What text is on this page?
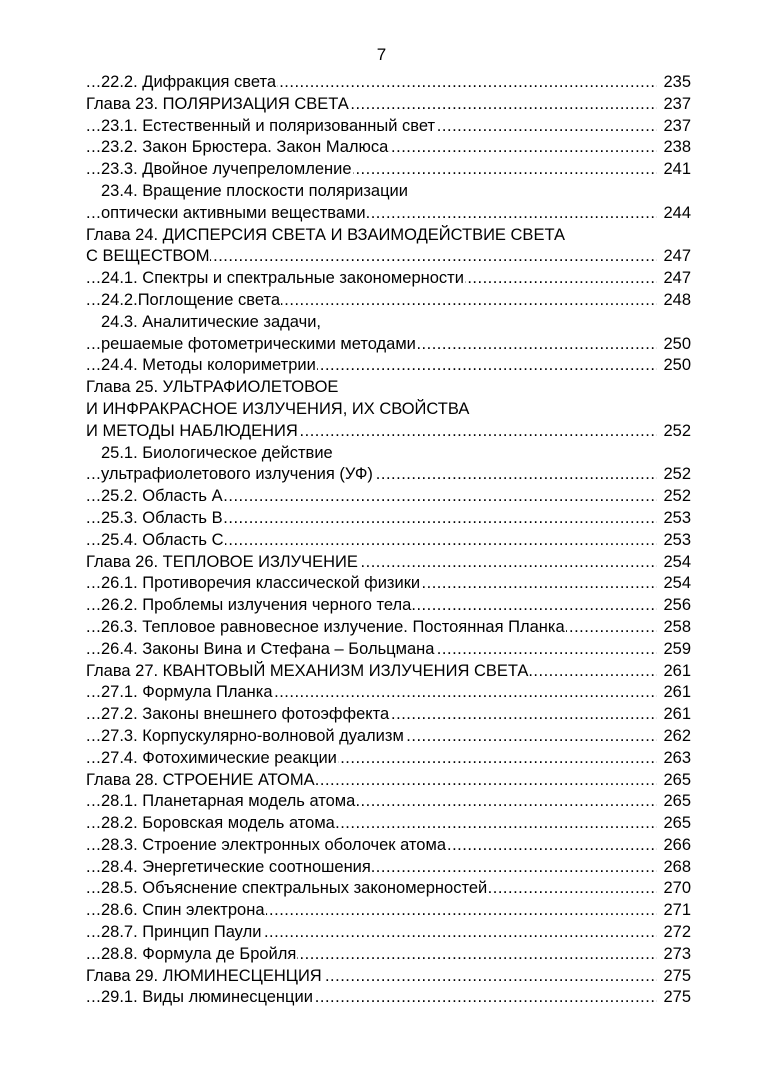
7
22.2. Дифракция света	235
.....
Глава 23. ПОЛЯРИЗАЦИЯ СВЕТА	237
.....
23.1. Естественный и поляризованный свет	237
.....
23.2. Закон Брюстера. Закон Малюса	238
.....
23.3. Двойное лучепреломление	241
.....
23.4. Вращение плоскости поляризации
оптически активными веществами	244
.....
Глава 24. ДИСПЕРСИЯ СВЕТА И ВЗАИМОДЕЙСТВИЕ СВЕТА
С ВЕЩЕСТВОМ	247
.....
24.1. Спектры и спектральные закономерности	247
.....
24.2.Поглощение света	248
.....
24.3. Аналитические задачи,
решаемые фотометрическими методами	250
.....
24.4. Методы колориметрии	250
.....
Глава 25. УЛЬТРАФИОЛЕТОВОЕ
И ИНФРАКРАСНОЕ ИЗЛУЧЕНИЯ, ИХ СВОЙСТВА
И МЕТОДЫ НАБЛЮДЕНИЯ	252
.....
25.1. Биологическое действие
ультрафиолетового излучения (УФ)	252
.....
25.2. Область А	252
.....
25.3. Область В	253
.....
25.4. Область С	253
.....
Глава 26. ТЕПЛОВОЕ ИЗЛУЧЕНИЕ	254
.....
26.1. Противоречия классической физики	254
.....
26.2. Проблемы излучения черного тела	256
.....
26.3. Тепловое равновесное излучение. Постоянная Планка	258
.....
26.4. Законы Вина и Стефана – Больцмана	259
.....
Глава 27. КВАНТОВЫЙ МЕХАНИЗМ ИЗЛУЧЕНИЯ СВЕТА	261
.....
27.1. Формула Планка	261
.....
27.2. Законы внешнего фотоэффекта	261
.....
27.3. Корпускулярно-волновой дуализм	262
.....
27.4. Фотохимические реакции	263
.....
Глава 28. СТРОЕНИЕ АТОМА	265
.....
28.1. Планетарная модель атома	265
.....
28.2. Боровская модель атома	265
.....
28.3. Строение электронных оболочек атома	266
.....
28.4. Энергетические соотношения	268
.....
28.5. Объяснение спектральных закономерностей	270
.....
28.6. Спин электрона	271
.....
28.7. Принцип Паули	272
.....
28.8. Формула де Бройля	273
.....
Глава 29. ЛЮМИНЕСЦЕНЦИЯ	275
.....
29.1. Виды люминесценции	275
.....
